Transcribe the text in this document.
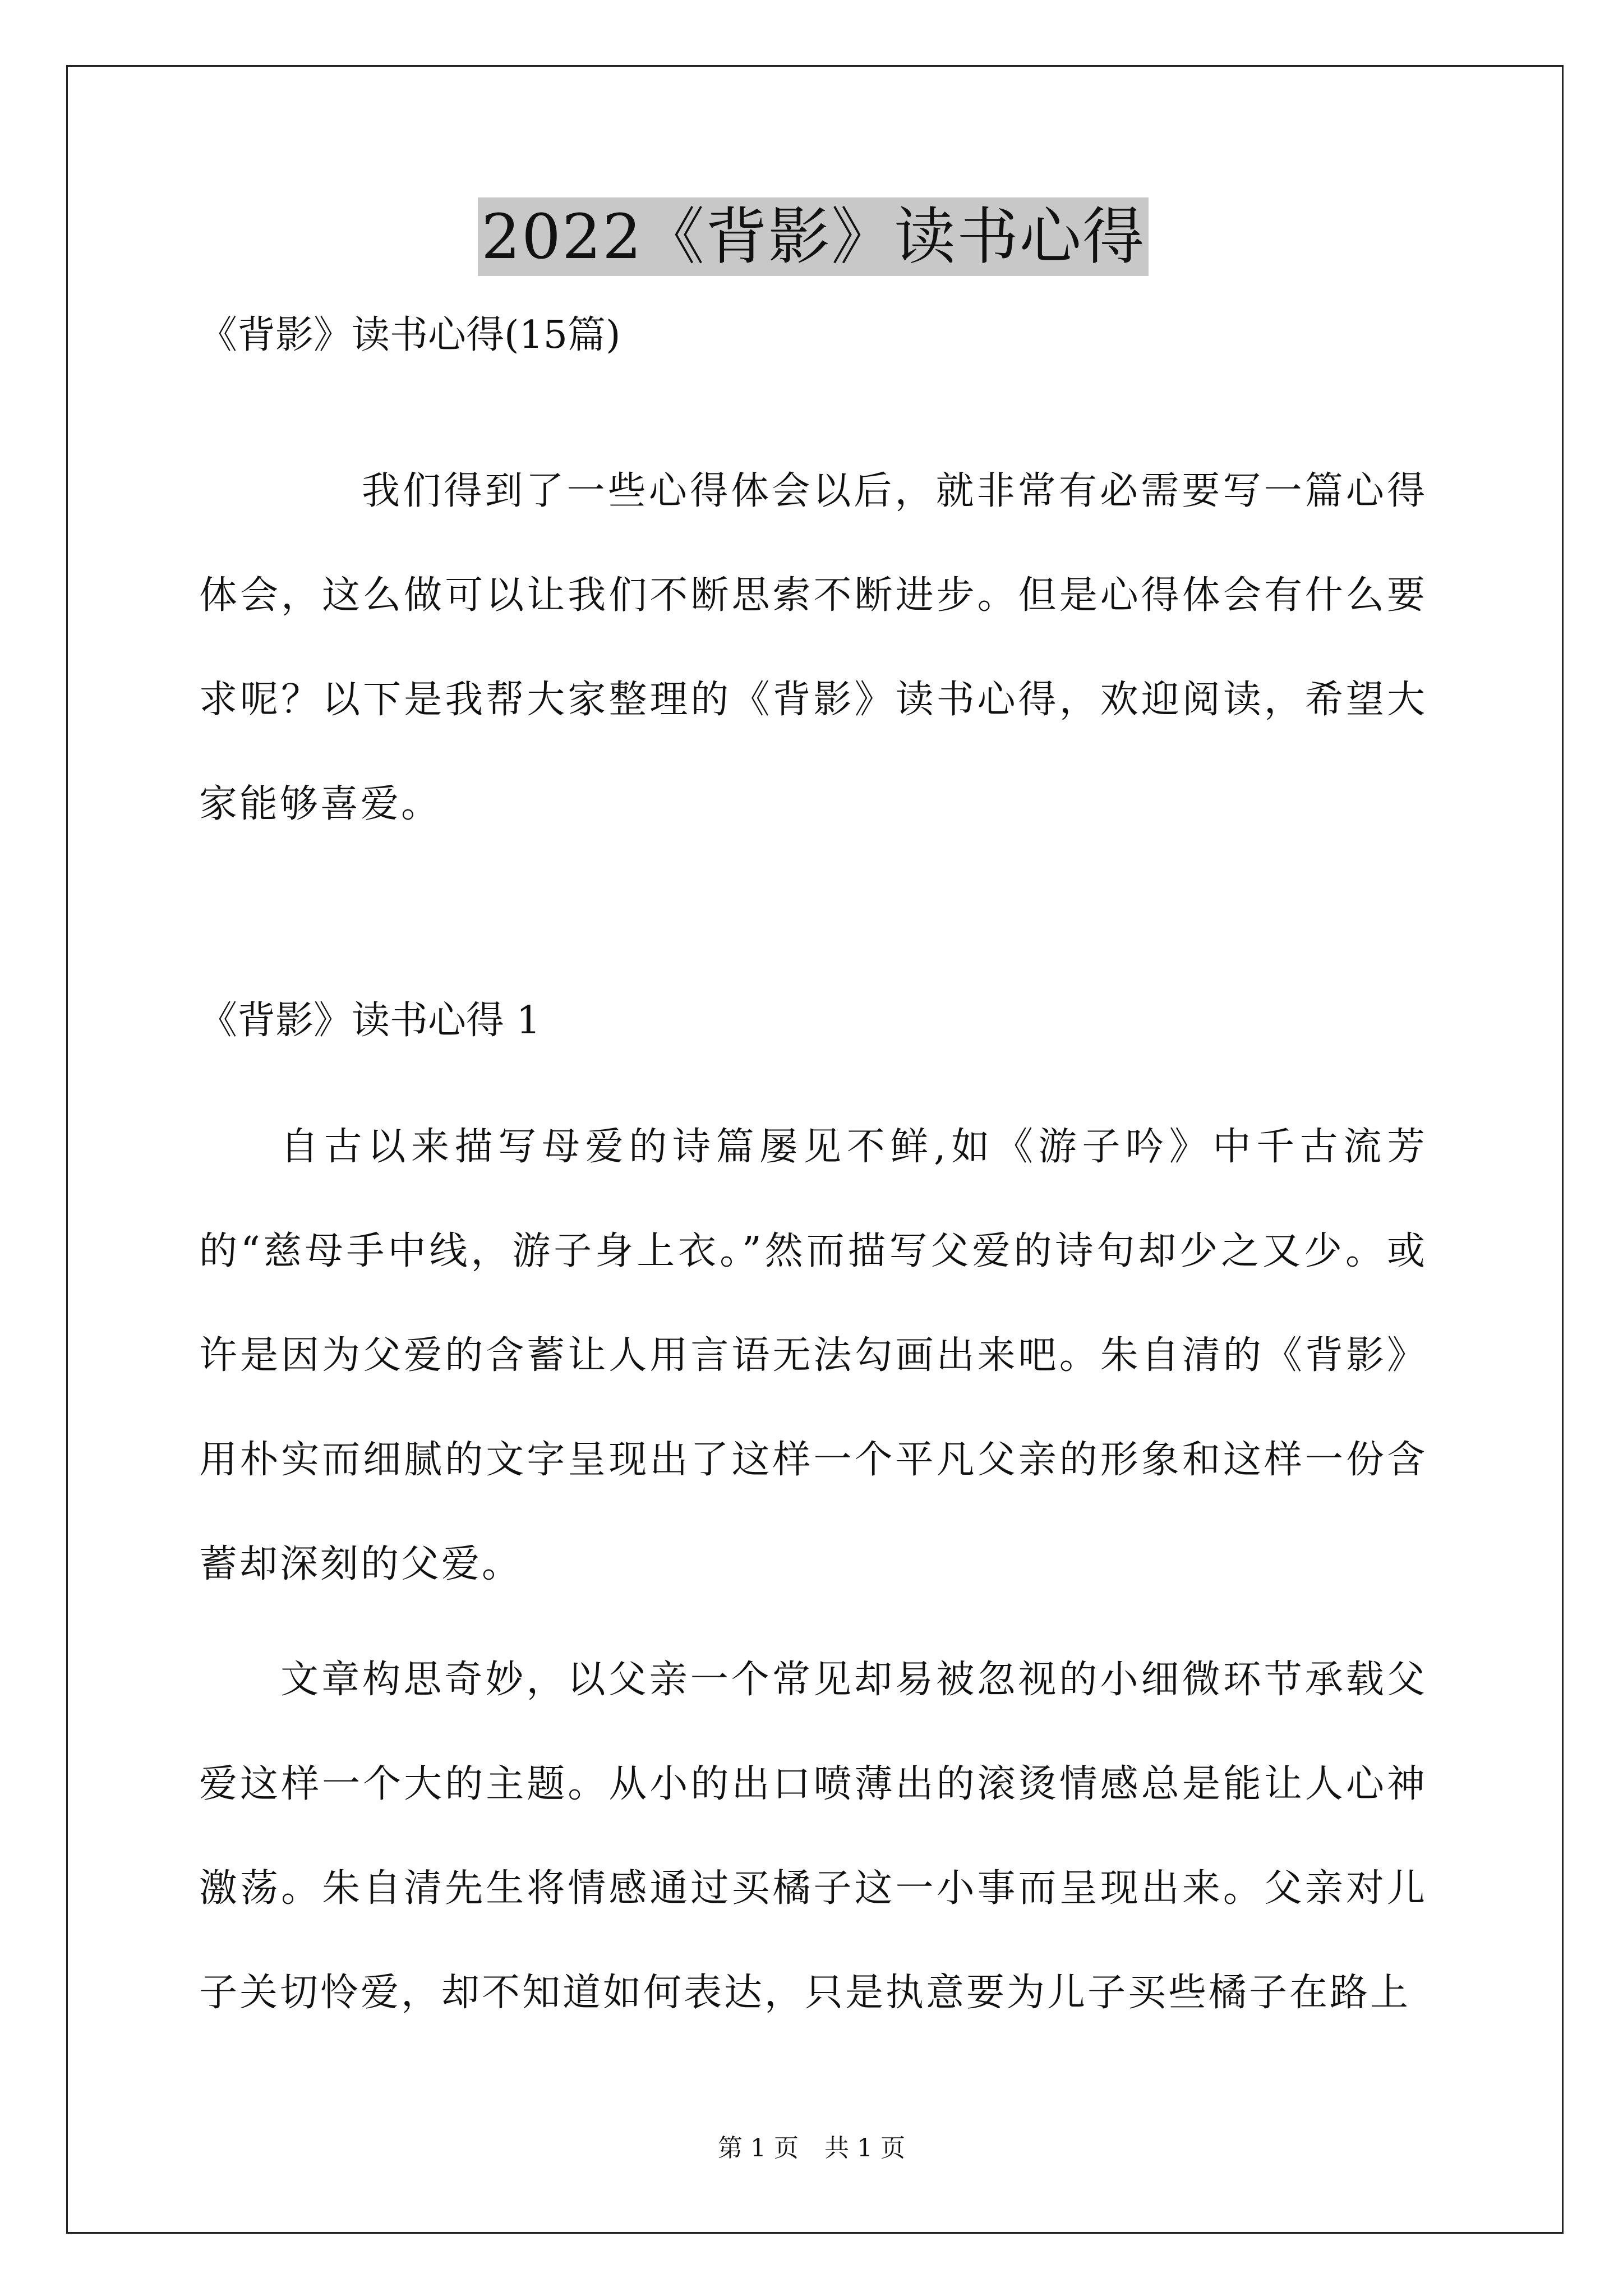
2022《背影》读书心得
《背影》读书心得(15篇)

我们得到了一些心得体会以后，就非常有必需要写一篇心得体会，这么做可以让我们不断思索不断进步。但是心得体会有什么要求呢？以下是我帮大家整理的《背影》读书心得，欢迎阅读，希望大家能够喜爱。

《背影》读书心得 1

自古以来描写母爱的诗篇屡见不鲜,如《游子吟》中千古流芳的“慈母手中线，游子身上衣。”然而描写父爱的诗句却少之又少。或许是因为父爱的含蓄让人用言语无法勾画出来吧。朱自清的《背影》用朴实而细腻的文字呈现出了这样一个平凡父亲的形象和这样一份含蓄却深刻的父爱。

文章构思奇妙，以父亲一个常见却易被忽视的小细微环节承载父爱这样一个大的主题。从小的出口喷薄出的滚烫情感总是能让人心神激荡。朱自清先生将情感通过买橘子这一小事而呈现出来。父亲对儿子关切怜爱，却不知道如何表达，只是执意要为儿子买些橘子在路上

第 1 页 共 1 页
